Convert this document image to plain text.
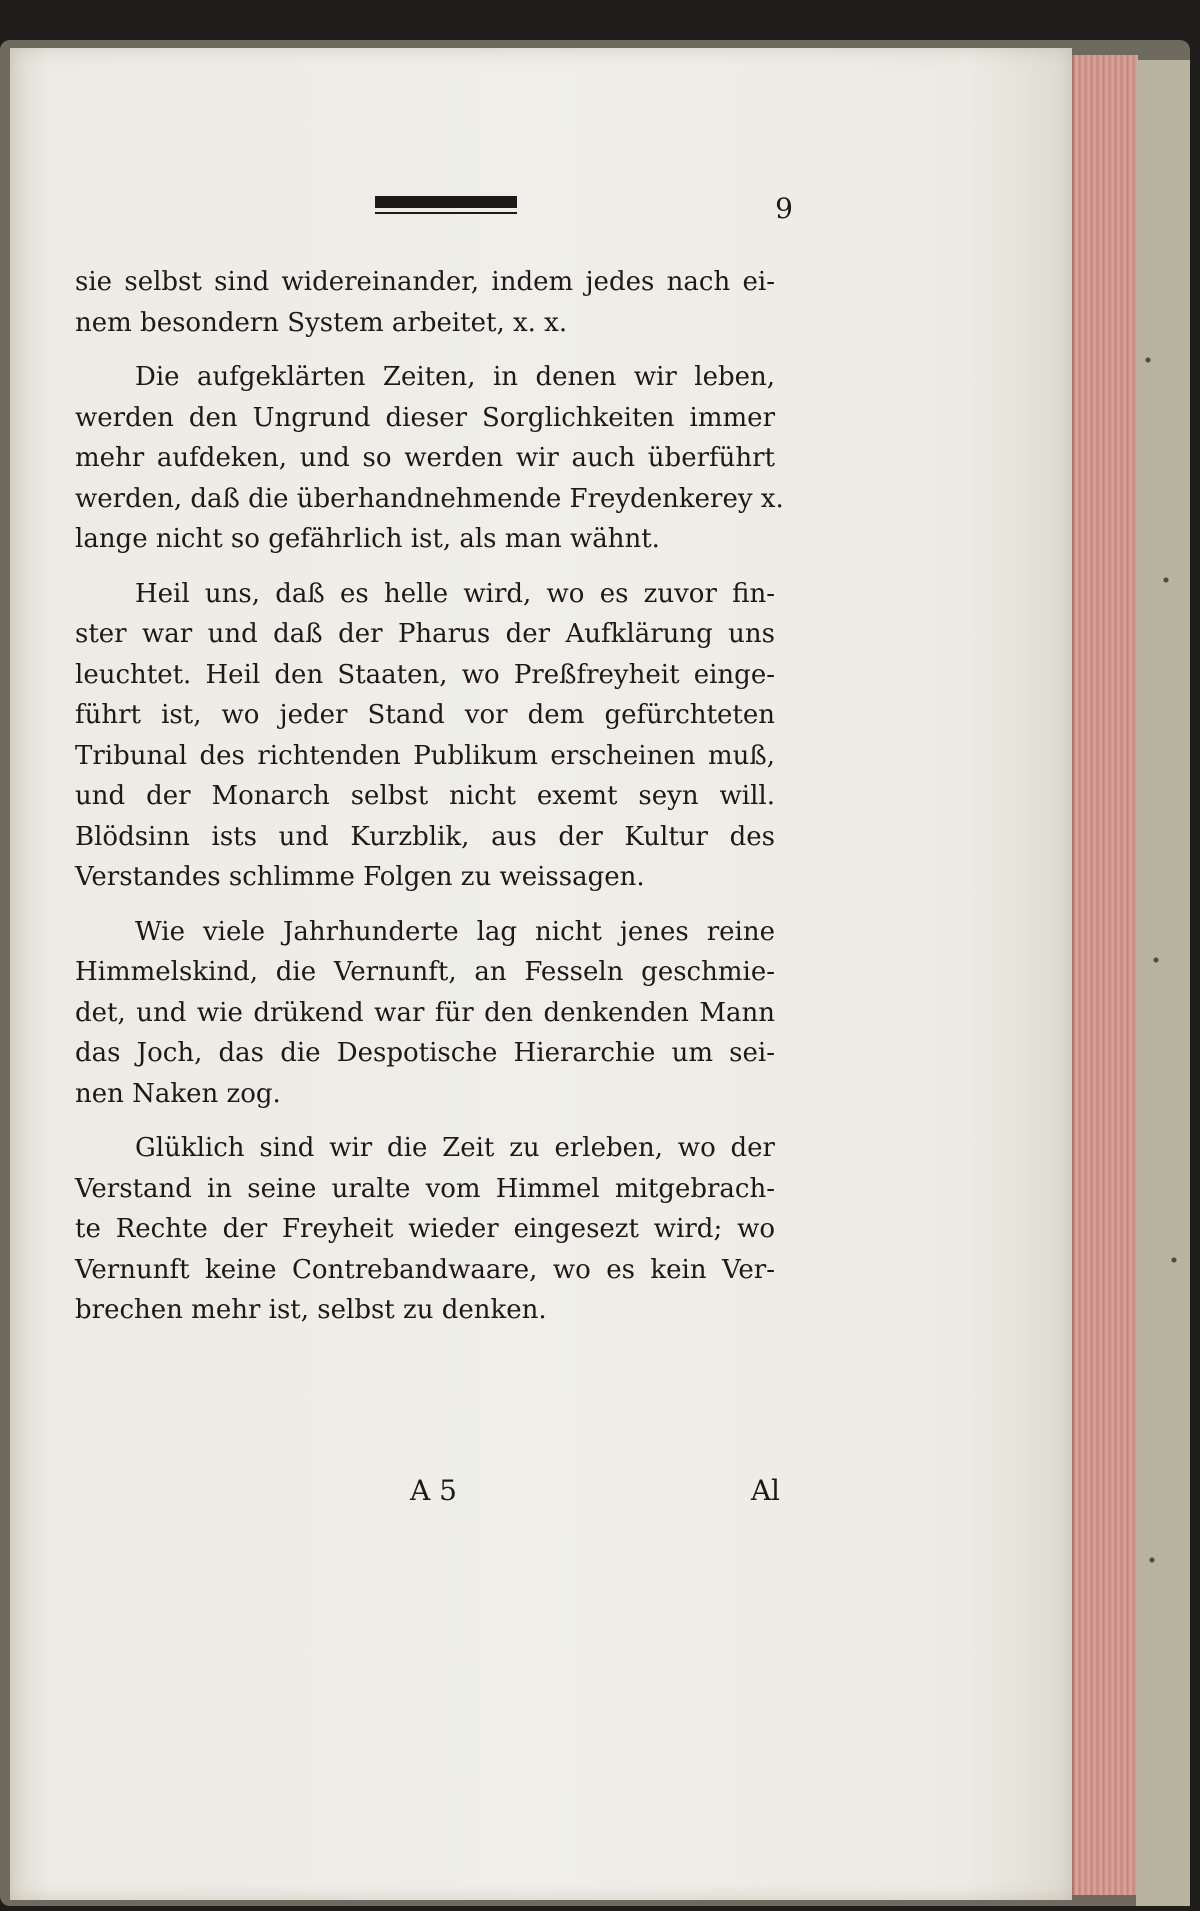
9

sie selbst sind widereinander, indem jedes nach ei-
nem besondern System arbeitet, x. x.

Die aufgeklärten Zeiten, in denen wir leben,
werden den Ungrund dieser Sorglichkeiten immer
mehr aufdeken, und so werden wir auch überführt
werden, daß die überhandnehmende Freydenkerey x.
lange nicht so gefährlich ist, als man wähnt.

Heil uns, daß es helle wird, wo es zuvor fin-
ster war und daß der Pharus der Aufklärung uns
leuchtet. Heil den Staaten, wo Preßfreyheit einge-
führt ist, wo jeder Stand vor dem gefürchteten
Tribunal des richtenden Publikum erscheinen muß,
und der Monarch selbst nicht exemt seyn will.
Blödsinn ists und Kurzblik, aus der Kultur des
Verstandes schlimme Folgen zu weissagen.

Wie viele Jahrhunderte lag nicht jenes reine
Himmelskind, die Vernunft, an Fesseln geschmie-
det, und wie drükend war für den denkenden Mann
das Joch, das die Despotische Hierarchie um sei-
nen Naken zog.

Glüklich sind wir die Zeit zu erleben, wo der
Verstand in seine uralte vom Himmel mitgebrach-
te Rechte der Freyheit wieder eingesezt wird; wo
Vernunft keine Contrebandwaare, wo es kein Ver-
brechen mehr ist, selbst zu denken.

A 5	Al
